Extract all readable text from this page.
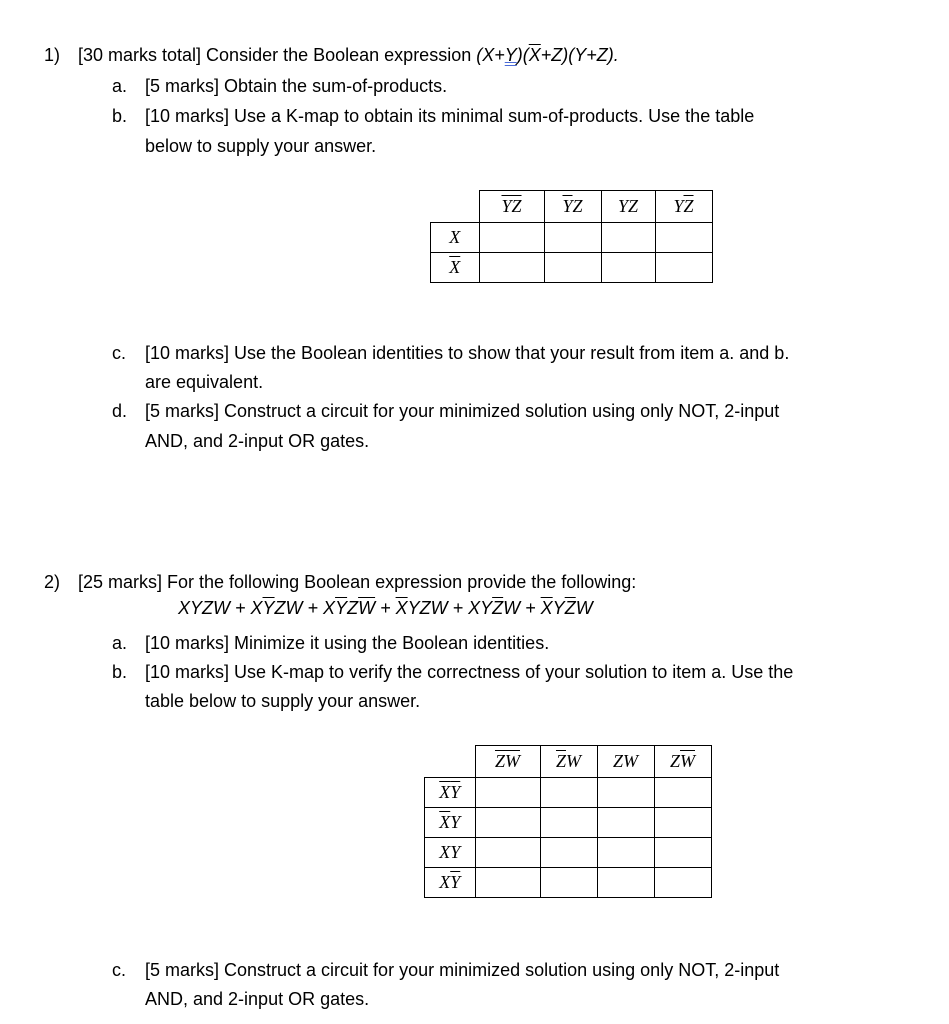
1) [30 marks total] Consider the Boolean expression $(X+Y)(\overline{X}+Z)(Y+Z)$.
a. [5 marks] Obtain the sum-of-products.
b. [10 marks] Use a K-map to obtain its minimal sum-of-products. Use the table
below to supply your answer.
	$\overline{Y}\overline{Z}$	$\overline{Y}Z$	YZ	$Y\overline{Z}$
X				
$\overline{X}$				
c. [10 marks] Use the Boolean identities to show that your result from item a. and b.
are equivalent.
d. [5 marks] Construct a circuit for your minimized solution using only NOT, 2-input
AND, and 2-input OR gates.
2) [25 marks] For the following Boolean expression provide the following:
XYZW + $X\overline{Y}ZW + X\overline{Y}Z\overline{W} + \overline{X}YZW + XY\overline{Z}W + \overline{X}Y\overline{Z}W$
a. [10 marks] Minimize it using the Boolean identities.
b. [10 marks] Use K-map to verify the correctness of your solution to item a. Use the
table below to supply your answer.
	$\overline{Z}\overline{W}$	$\overline{Z}W$	ZW	$Z\overline{W}$
$\overline{X}\overline{Y}$				
$\overline{X}Y$				
XY				
$X\overline{Y}$				
c. [5 marks] Construct a circuit for your minimized solution using only NOT, 2-input
AND, and 2-input OR gates.
